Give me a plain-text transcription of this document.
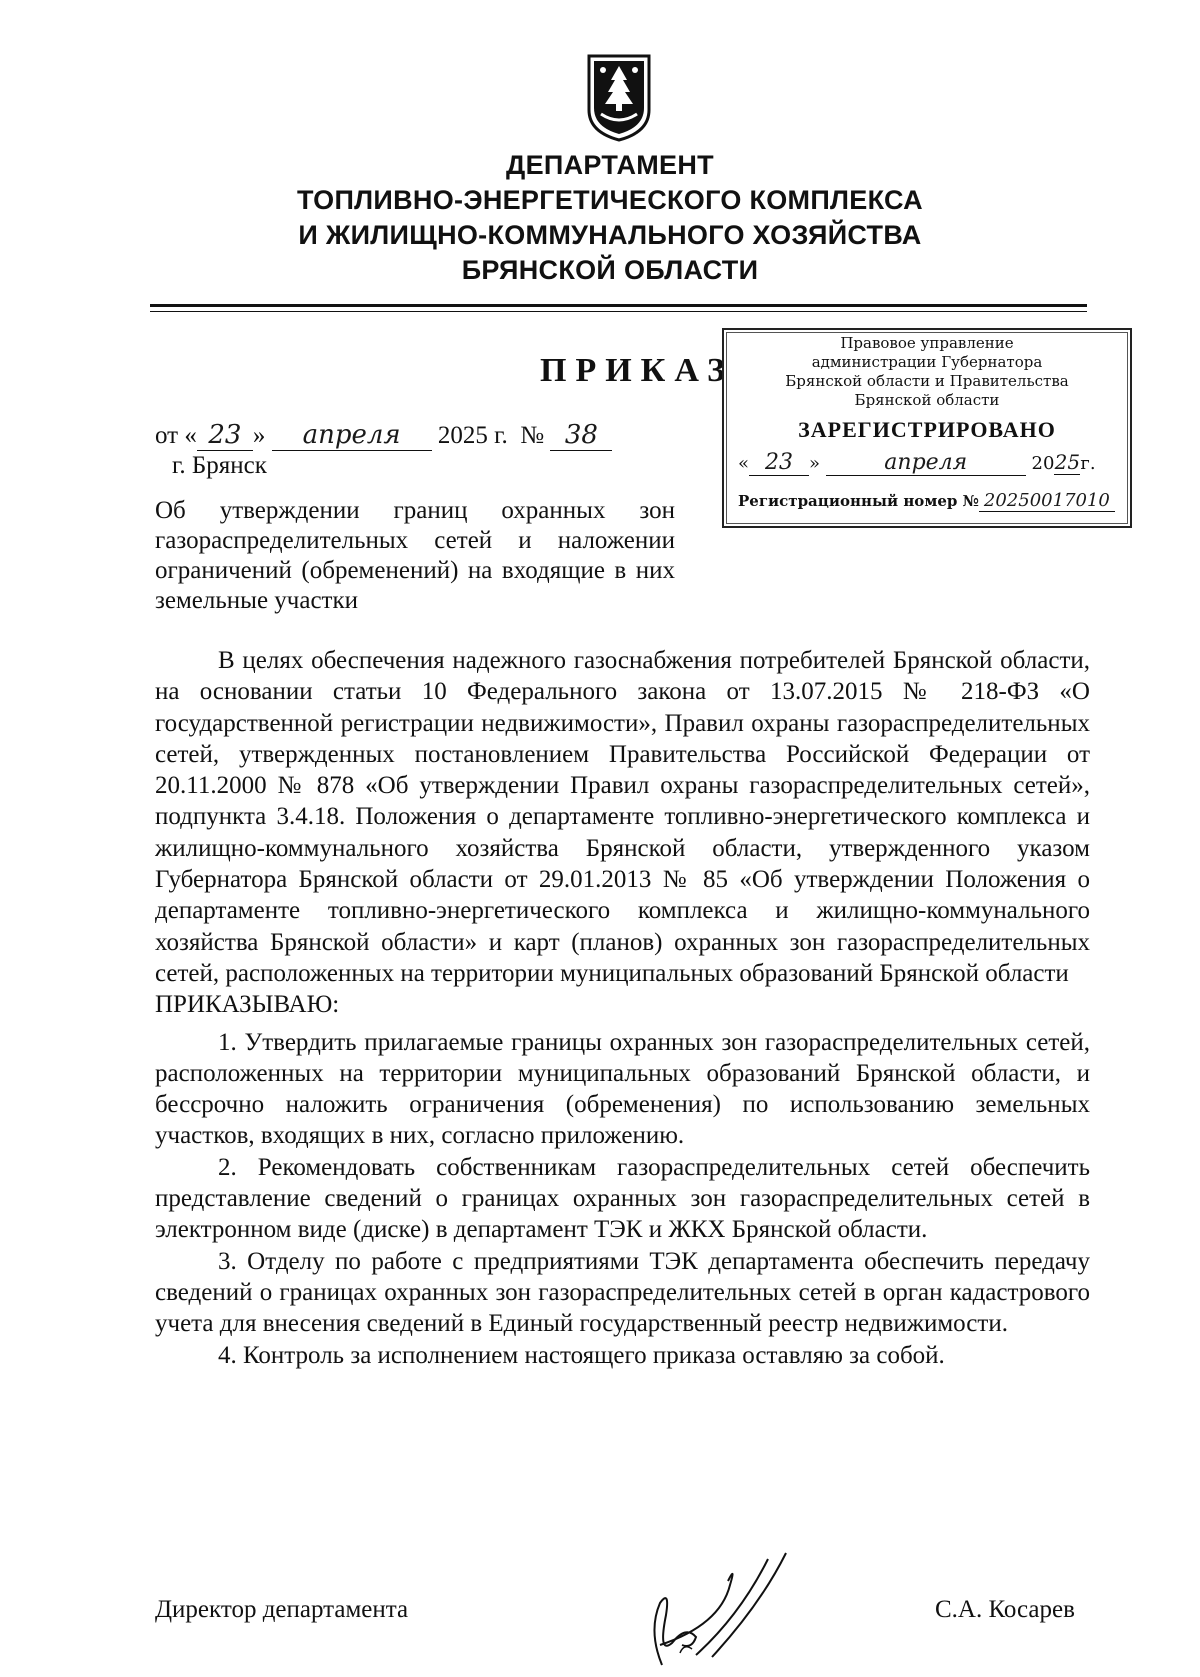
ДЕПАРТАМЕНТ
ТОПЛИВНО-ЭНЕРГЕТИЧЕСКОГО КОМПЛЕКСА
И ЖИЛИЩНО-КОММУНАЛЬНОГО ХОЗЯЙСТВА
БРЯНСКОЙ ОБЛАСТИ
ПРИКАЗ
от « 23 » апреля 2025 г. № 38
г. Брянск
Об утверждении границ охранных зон газораспределительных сетей и наложении ограничений (обременений) на входящие в них земельные участки
Правовое управление
администрации Губернатора
Брянской области и Правительства
Брянской области
ЗАРЕГИСТРИРОВАНО
« 23 »	апреля	2025г.
Регистрационный номер № 20250017010

В целях обеспечения надежного газоснабжения потребителей Брянской области, на основании статьи 10 Федерального закона от 13.07.2015 № 218-ФЗ «О государственной регистрации недвижимости», Правил охраны газораспределительных сетей, утвержденных постановлением Правительства Российской Федерации от 20.11.2000 № 878 «Об утверждении Правил охраны газораспределительных сетей», подпункта 3.4.18. Положения о департаменте топливно-энергетического комплекса и жилищно-коммунального хозяйства Брянской области, утвержденного указом Губернатора Брянской области от 29.01.2013 № 85 «Об утверждении Положения о департаменте топливно-энергетического комплекса и жилищно-коммунального хозяйства Брянской области» и карт (планов) охранных зон газораспределительных сетей, расположенных на территории муниципальных образований Брянской области

ПРИКАЗЫВАЮ:

1. Утвердить прилагаемые границы охранных зон газораспределительных сетей, расположенных на территории муниципальных образований Брянской области, и бессрочно наложить ограничения (обременения) по использованию земельных участков, входящих в них, согласно приложению.

2. Рекомендовать собственникам газораспределительных сетей обеспечить представление сведений о границах охранных зон газораспределительных сетей в электронном виде (диске) в департамент ТЭК и ЖКХ Брянской области.

3. Отделу по работе с предприятиями ТЭК департамента обеспечить передачу сведений о границах охранных зон газораспределительных сетей в орган кадастрового учета для внесения сведений в Единый государственный реестр недвижимости.

4. Контроль за исполнением настоящего приказа оставляю за собой.

Директор департамента	С.А. Косарев
